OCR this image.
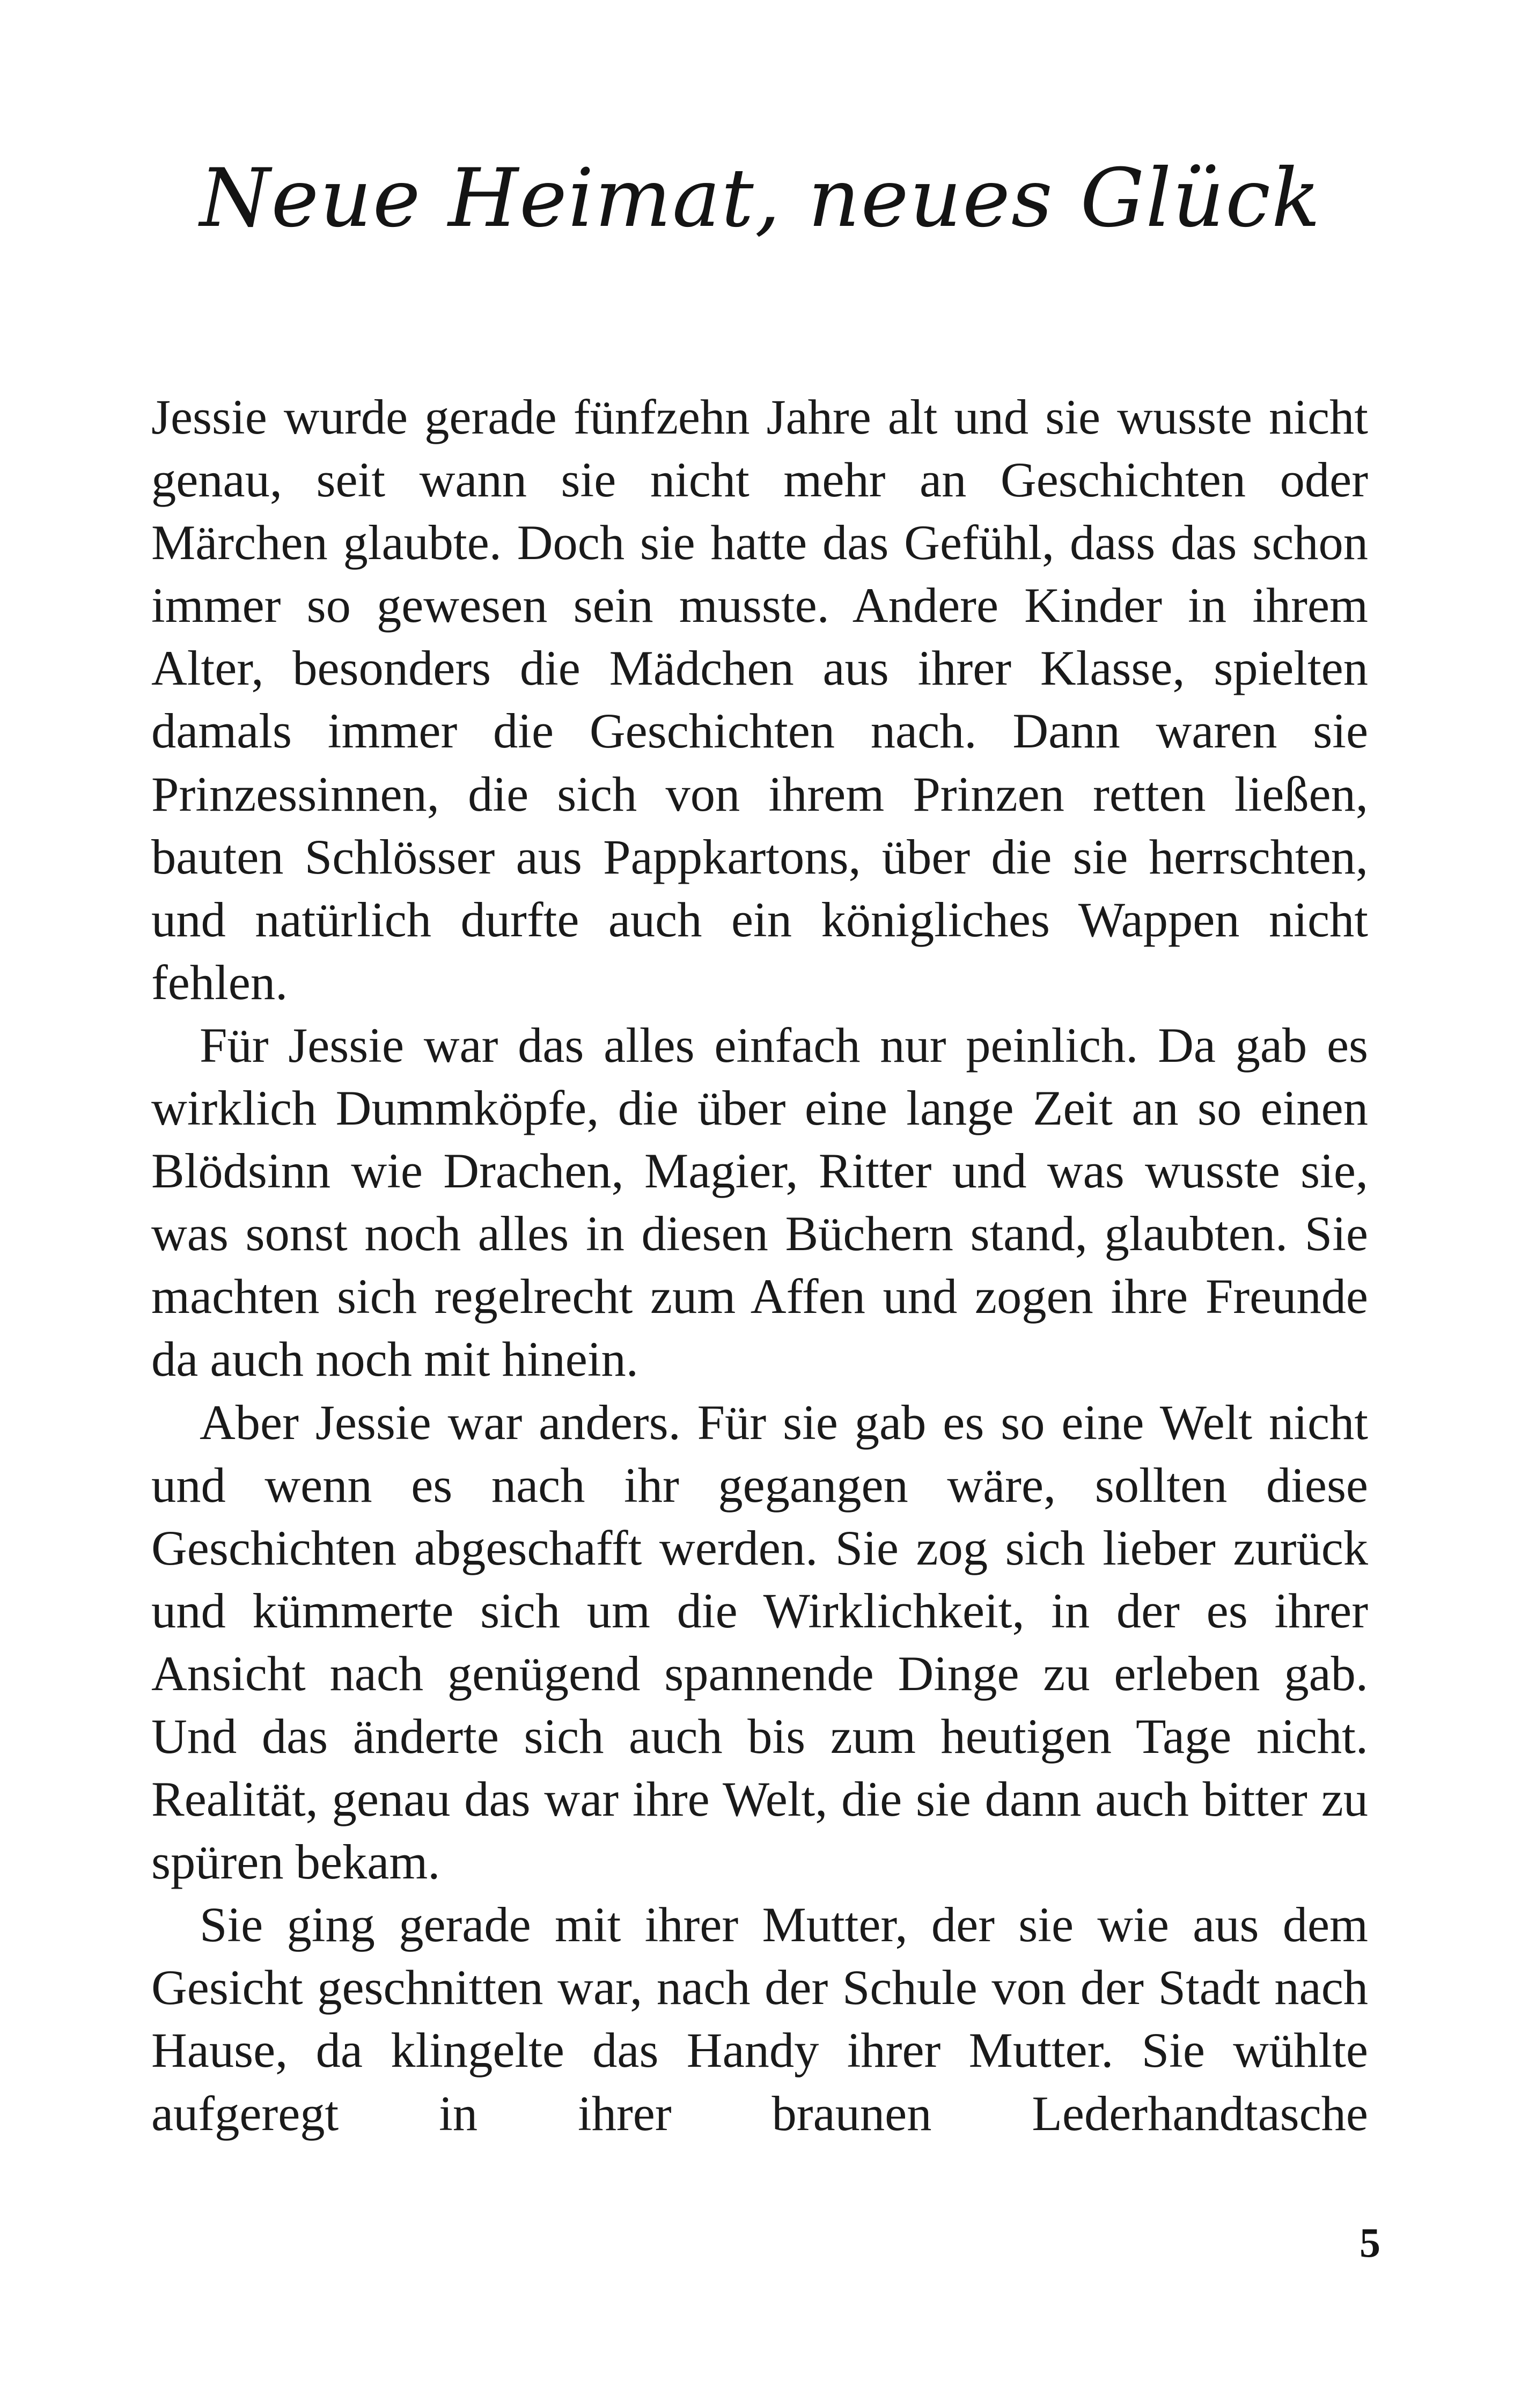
Neue Heimat, neues Glück

Jessie wurde gerade fünfzehn Jahre alt und sie wusste nicht genau, seit wann sie nicht mehr an Geschichten oder Märchen glaubte. Doch sie hatte das Gefühl, dass das schon immer so gewesen sein musste. Andere Kinder in ihrem Alter, besonders die Mädchen aus ihrer Klasse, spielten damals immer die Geschichten nach. Dann waren sie Prinzessinnen, die sich von ihrem Prinzen retten ließen, bauten Schlösser aus Pappkartons, über die sie herrschten, und natürlich durfte auch ein königliches Wappen nicht fehlen.

Für Jessie war das alles einfach nur peinlich. Da gab es wirklich Dummköpfe, die über eine lange Zeit an so einen Blödsinn wie Drachen, Magier, Ritter und was wusste sie, was sonst noch alles in diesen Büchern stand, glaubten. Sie machten sich regelrecht zum Affen und zogen ihre Freunde da auch noch mit hinein.

Aber Jessie war anders. Für sie gab es so eine Welt nicht und wenn es nach ihr gegangen wäre, sollten diese Geschichten abgeschafft werden. Sie zog sich lieber zurück und kümmerte sich um die Wirklichkeit, in der es ihrer Ansicht nach genügend spannende Dinge zu erleben gab. Und das änderte sich auch bis zum heutigen Tage nicht. Realität, genau das war ihre Welt, die sie dann auch bitter zu spüren bekam.

Sie ging gerade mit ihrer Mutter, der sie wie aus dem Gesicht geschnitten war, nach der Schule von der Stadt nach Hause, da klingelte das Handy ihrer Mutter. Sie wühlte aufgeregt in ihrer braunen Lederhandtasche

5
